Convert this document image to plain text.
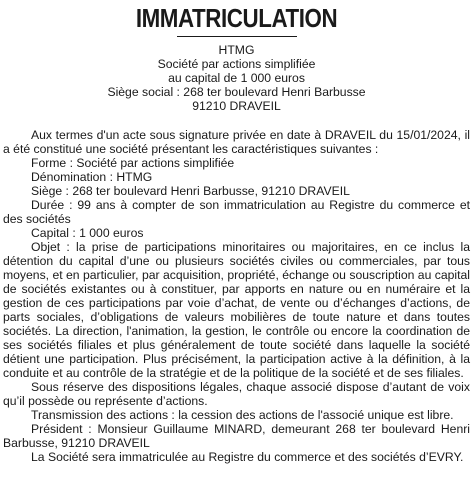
IMMATRICULATION
HTMG
Société par actions simplifiée
au capital de 1 000 euros
Siège social : 268 ter boulevard Henri Barbusse
91210 DRAVEIL

Aux termes d'un acte sous signature privée en date à DRAVEIL du 15/01/2024, il a été constitué une société présentant les caractéristiques suivantes :

Forme : Société par actions simplifiée

Dénomination : HTMG

Siège : 268 ter boulevard Henri Barbusse, 91210 DRAVEIL

Durée : 99 ans à compter de son immatriculation au Registre du commerce et des sociétés

Capital : 1 000 euros

Objet : la prise de participations minoritaires ou majoritaires, en ce inclus la détention du capital d’une ou plusieurs sociétés civiles ou commerciales, par tous moyens, et en particulier, par acquisition, propriété, échange ou souscription au capital de sociétés existantes ou à constituer, par apports en nature ou en numéraire et la gestion de ces participations par voie d’achat, de vente ou d’échanges d’actions, de parts sociales, d’obligations de valeurs mobilières de toute nature et dans toutes sociétés. La direction, l'animation, la gestion, le contrôle ou encore la coordination de ses sociétés filiales et plus généralement de toute société dans laquelle la société détient une participation. Plus précisément, la participation active à la définition, à la conduite et au contrôle de la stratégie et de la politique de la société et de ses filiales.

Sous réserve des dispositions légales, chaque associé dispose d’autant de voix qu’il possède ou représente d’actions.

Transmission des actions : la cession des actions de l'associé unique est libre.

Président : Monsieur Guillaume MINARD, demeurant 268 ter boulevard Henri Barbusse, 91210 DRAVEIL

La Société sera immatriculée au Registre du commerce et des sociétés d’EVRY.
